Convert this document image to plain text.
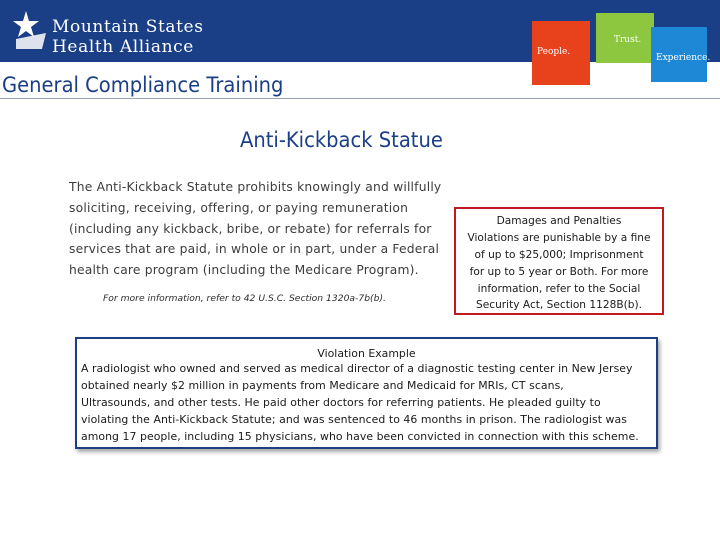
Mountain States
Health Alliance	People.
Trust.
Experience.
General Compliance Training
Anti-Kickback Statue
The Anti-Kickback Statute prohibits knowingly and willfully
soliciting, receiving, offering, or paying remuneration
(including any kickback, bribe, or rebate) for referrals for
services that are paid, in whole or in part, under a Federal
health care program (including the Medicare Program).
For more information, refer to 42 U.S.C. Section 1320a-7b(b).
Damages and Penalties
Violations are punishable by a fine
of up to $25,000; Imprisonment
for up to 5 year or Both. For more
information, refer to the Social
Security Act, Section 1128B(b).
Violation Example
A radiologist who owned and served as medical director of a diagnostic testing center in New Jersey
obtained nearly $2 million in payments from Medicare and Medicaid for MRIs, CT scans,
Ultrasounds, and other tests. He paid other doctors for referring patients. He pleaded guilty to
violating the Anti-Kickback Statute; and was sentenced to 46 months in prison. The radiologist was
among 17 people, including 15 physicians, who have been convicted in connection with this scheme.
